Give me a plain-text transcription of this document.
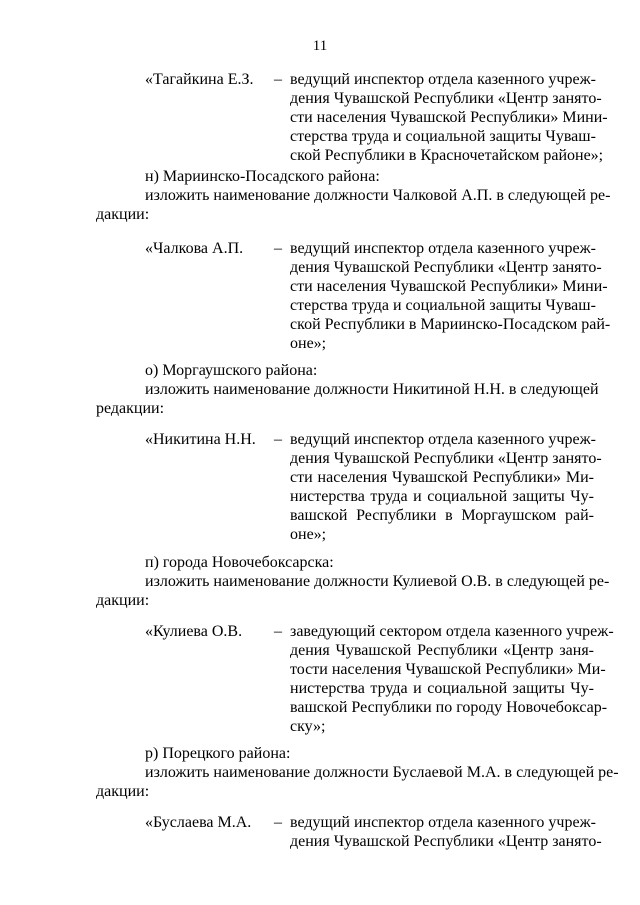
11
«Тагайкина Е.З. – ведущий инспектор отдела казенного учреж-
дения Чувашской Республики «Центр занято-
сти населения Чувашской Республики» Мини-
стерства труда и социальной защиты Чуваш-
ской Республики в Красночетайском районе»;
н) Мариинско-Посадского района:
изложить наименование должности Чалковой А.П. в следующей ре-
дакции:
«Чалкова А.П. – ведущий инспектор отдела казенного учреж-
дения Чувашской Республики «Центр занято-
сти населения Чувашской Республики» Мини-
стерства труда и социальной защиты Чуваш-
ской Республики в Мариинско-Посадском рай-
оне»;
о) Моргаушского района:
изложить наименование должности Никитиной Н.Н. в следующей
редакции:
«Никитина Н.Н. – ведущий инспектор отдела казенного учреж-
дения Чувашской Республики «Центр занято-
сти населения Чувашской Республики» Ми-
нистерства труда и социальной защиты Чу-
вашской Республики в Моргаушском рай-
оне»;
п) города Новочебоксарска:
изложить наименование должности Кулиевой О.В. в следующей ре-
дакции:
«Кулиева О.В. – заведующий сектором отдела казенного учреж-
дения Чувашской Республики «Центр заня-
тости населения Чувашской Республики» Ми-
нистерства труда и социальной защиты Чу-
вашской Республики по городу Новочебоксар-
ску»;
р) Порецкого района:
изложить наименование должности Буслаевой М.А. в следующей ре-
дакции:
«Буслаева М.А. – ведущий инспектор отдела казенного учреж-
дения Чувашской Республики «Центр занято-
